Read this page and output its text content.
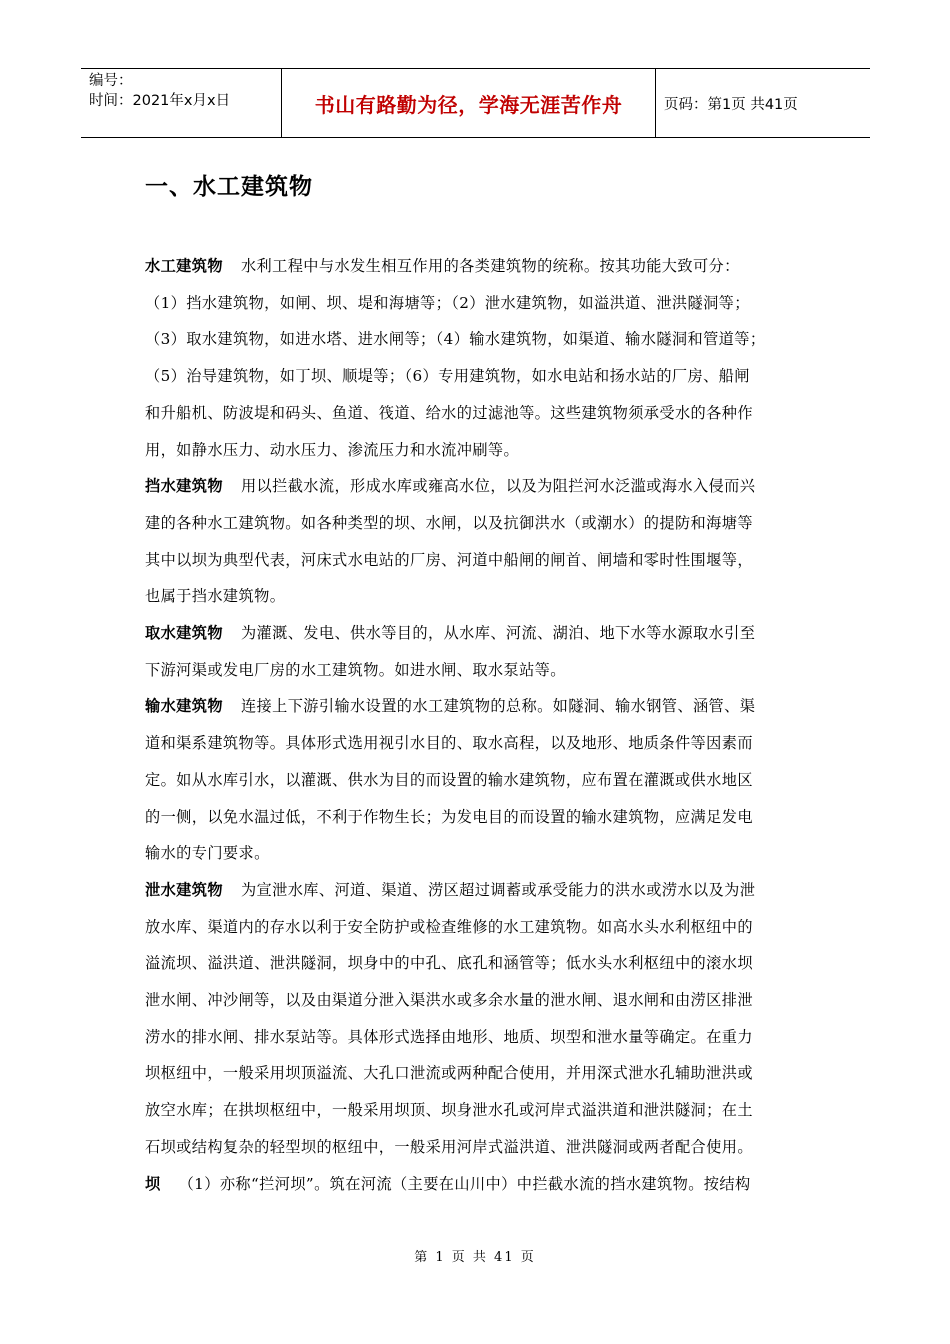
编号：
时间：2021年x月x日	书山有路勤为径，学海无涯苦作舟	页码：第1页 共41页
一、水工建筑物
水工建筑物 水利工程中与水发生相互作用的各类建筑物的统称。按其功能大致可分：
（1）挡水建筑物，如闸、坝、堤和海塘等；（2）泄水建筑物，如溢洪道、泄洪隧洞等；
（3）取水建筑物，如进水塔、进水闸等；（4）输水建筑物，如渠道、输水隧洞和管道等；
（5）治导建筑物，如丁坝、顺堤等；（6）专用建筑物，如水电站和扬水站的厂房、船闸
和升船机、防波堤和码头、鱼道、筏道、给水的过滤池等。这些建筑物须承受水的各种作
用，如静水压力、动水压力、渗流压力和水流冲刷等。
挡水建筑物 用以拦截水流，形成水库或雍高水位，以及为阻拦河水泛滥或海水入侵而兴
建的各种水工建筑物。如各种类型的坝、水闸，以及抗御洪水（或潮水）的提防和海塘等
其中以坝为典型代表，河床式水电站的厂房、河道中船闸的闸首、闸墙和零时性围堰等，
也属于挡水建筑物。
取水建筑物 为灌溉、发电、供水等目的，从水库、河流、湖泊、地下水等水源取水引至
下游河渠或发电厂房的水工建筑物。如进水闸、取水泵站等。
输水建筑物 连接上下游引输水设置的水工建筑物的总称。如隧洞、输水钢管、涵管、渠
道和渠系建筑物等。具体形式选用视引水目的、取水高程，以及地形、地质条件等因素而
定。如从水库引水，以灌溉、供水为目的而设置的输水建筑物，应布置在灌溉或供水地区
的一侧，以免水温过低，不利于作物生长；为发电目的而设置的输水建筑物，应满足发电
输水的专门要求。
泄水建筑物 为宣泄水库、河道、渠道、涝区超过调蓄或承受能力的洪水或涝水以及为泄
放水库、渠道内的存水以利于安全防护或检查维修的水工建筑物。如高水头水利枢纽中的
溢流坝、溢洪道、泄洪隧洞，坝身中的中孔、底孔和涵管等；低水头水利枢纽中的滚水坝
泄水闸、冲沙闸等，以及由渠道分泄入渠洪水或多余水量的泄水闸、退水闸和由涝区排泄
涝水的排水闸、排水泵站等。具体形式选择由地形、地质、坝型和泄水量等确定。在重力
坝枢纽中，一般采用坝顶溢流、大孔口泄流或两种配合使用，并用深式泄水孔辅助泄洪或
放空水库；在拱坝枢纽中，一般采用坝顶、坝身泄水孔或河岸式溢洪道和泄洪隧洞；在土
石坝或结构复杂的轻型坝的枢纽中，一般采用河岸式溢洪道、泄洪隧洞或两者配合使用。
坝 （1）亦称“拦河坝”。筑在河流（主要在山川中）中拦截水流的挡水建筑物。按结构
第 1 页 共 41 页
